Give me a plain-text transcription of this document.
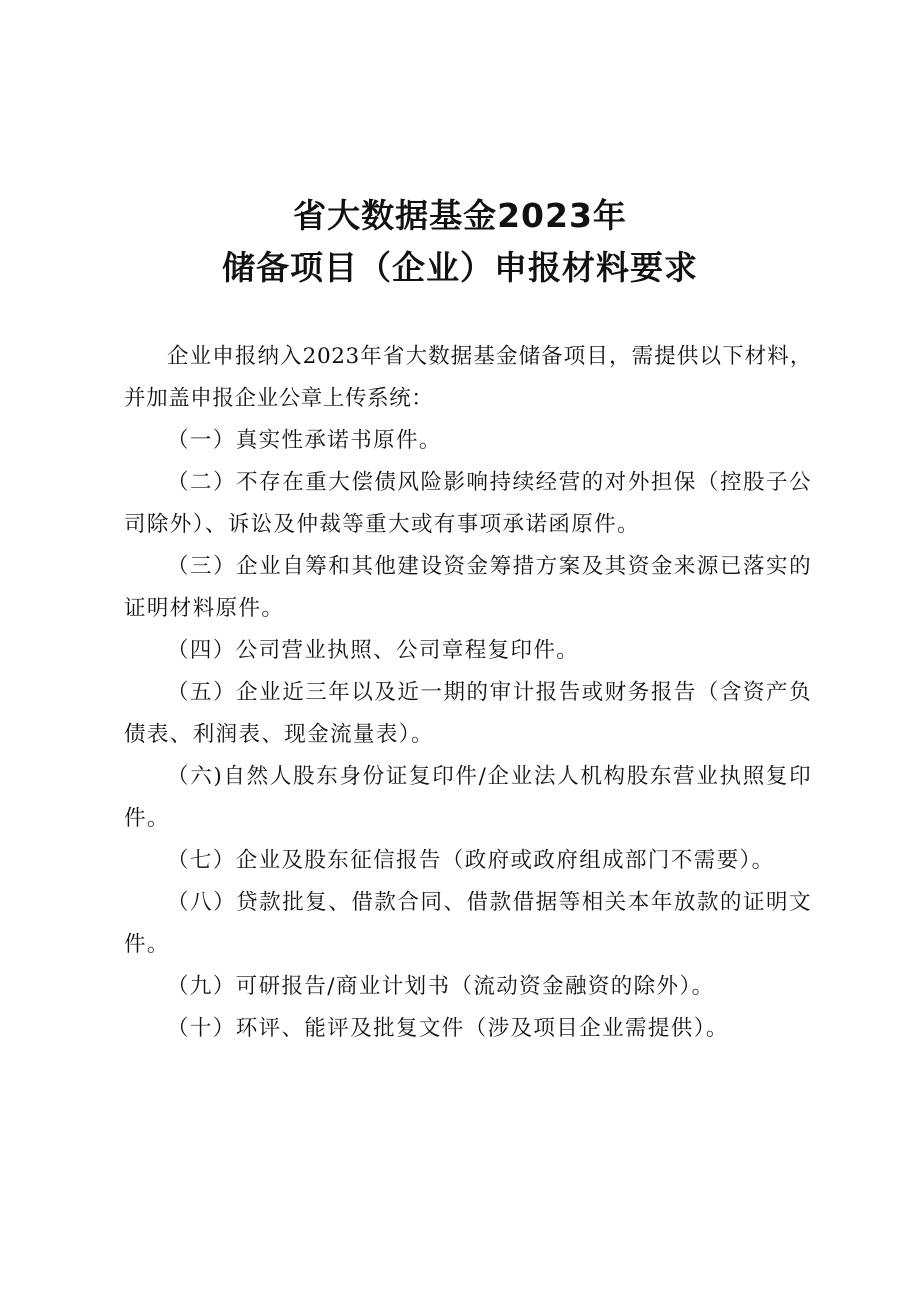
省大数据基金2023年
储备项目（企业）申报材料要求

企业申报纳入2023年省大数据基金储备项目，需提供以下材料，并加盖申报企业公章上传系统：

（一）真实性承诺书原件。

（二）不存在重大偿债风险影响持续经营的对外担保（控股子公司除外）、诉讼及仲裁等重大或有事项承诺函原件。

（三）企业自筹和其他建设资金筹措方案及其资金来源已落实的证明材料原件。

（四）公司营业执照、公司章程复印件。

（五）企业近三年以及近一期的审计报告或财务报告（含资产负债表、利润表、现金流量表）。

（六)自然人股东身份证复印件/企业法人机构股东营业执照复印件。

（七）企业及股东征信报告（政府或政府组成部门不需要）。

（八）贷款批复、借款合同、借款借据等相关本年放款的证明文件。

（九）可研报告/商业计划书（流动资金融资的除外）。

（十）环评、能评及批复文件（涉及项目企业需提供）。
